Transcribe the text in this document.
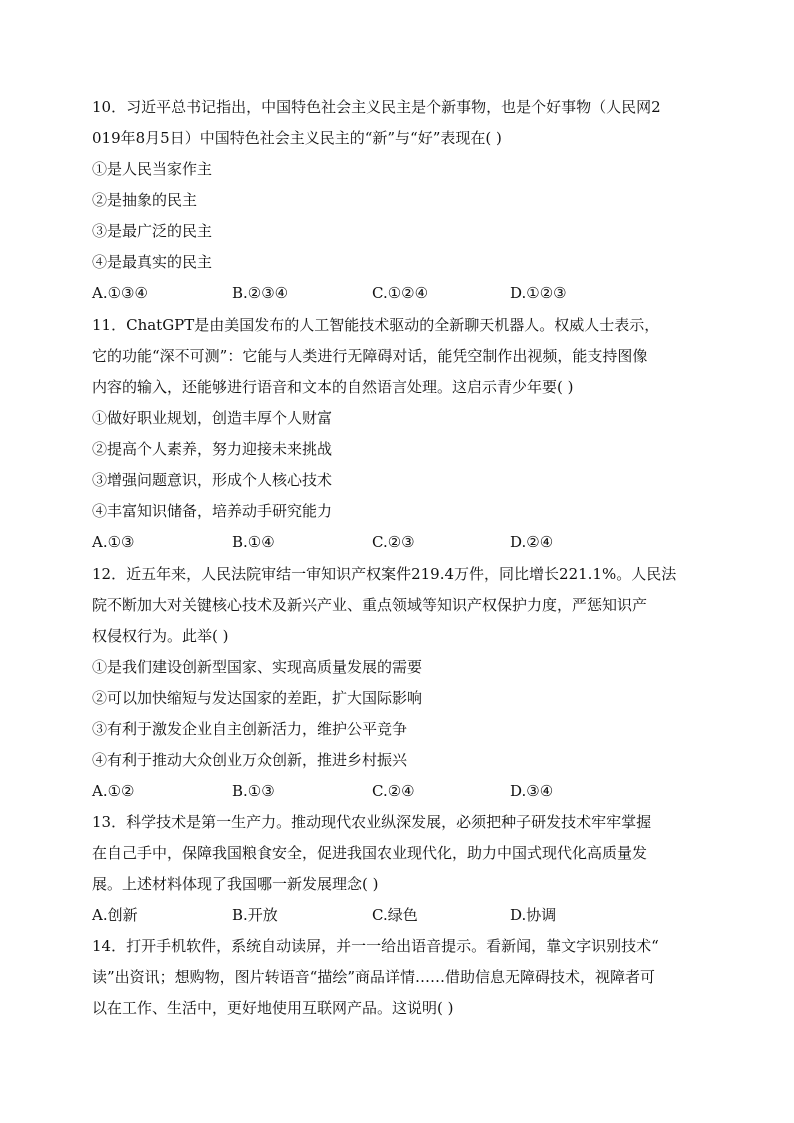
10．习近平总书记指出，中国特色社会主义民主是个新事物，也是个好事物（人民网2
019年8月5日）中国特色社会主义民主的“新”与“好”表现在( )
①是人民当家作主
②是抽象的民主
③是最广泛的民主
④是最真实的民主
A.①③④	B.②③④	C.①②④	D.①②③
11．ChatGPT是由美国发布的人工智能技术驱动的全新聊天机器人。权威人士表示，
它的功能“深不可测”：它能与人类进行无障碍对话，能凭空制作出视频，能支持图像
内容的输入，还能够进行语音和文本的自然语言处理。这启示青少年要( )
①做好职业规划，创造丰厚个人财富
②提高个人素养，努力迎接未来挑战
③增强问题意识，形成个人核心技术
④丰富知识储备，培养动手研究能力
A.①③	B.①④	C.②③	D.②④
12．近五年来，人民法院审结一审知识产权案件219.4万件，同比增长221.1%。人民法
院不断加大对关键核心技术及新兴产业、重点领域等知识产权保护力度，严惩知识产
权侵权行为。此举( )
①是我们建设创新型国家、实现高质量发展的需要
②可以加快缩短与发达国家的差距，扩大国际影响
③有利于激发企业自主创新活力，维护公平竞争
④有利于推动大众创业万众创新，推进乡村振兴
A.①②	B.①③	C.②④	D.③④
13．科学技术是第一生产力。推动现代农业纵深发展，必须把种子研发技术牢牢掌握
在自己手中，保障我国粮食安全，促进我国农业现代化，助力中国式现代化高质量发
展。上述材料体现了我国哪一新发展理念( )
A.创新	B.开放	C.绿色	D.协调
14．打开手机软件，系统自动读屏，并一一给出语音提示。看新闻，靠文字识别技术“
读”出资讯；想购物，图片转语音“描绘”商品详情……借助信息无障碍技术，视障者可
以在工作、生活中，更好地使用互联网产品。这说明( )
